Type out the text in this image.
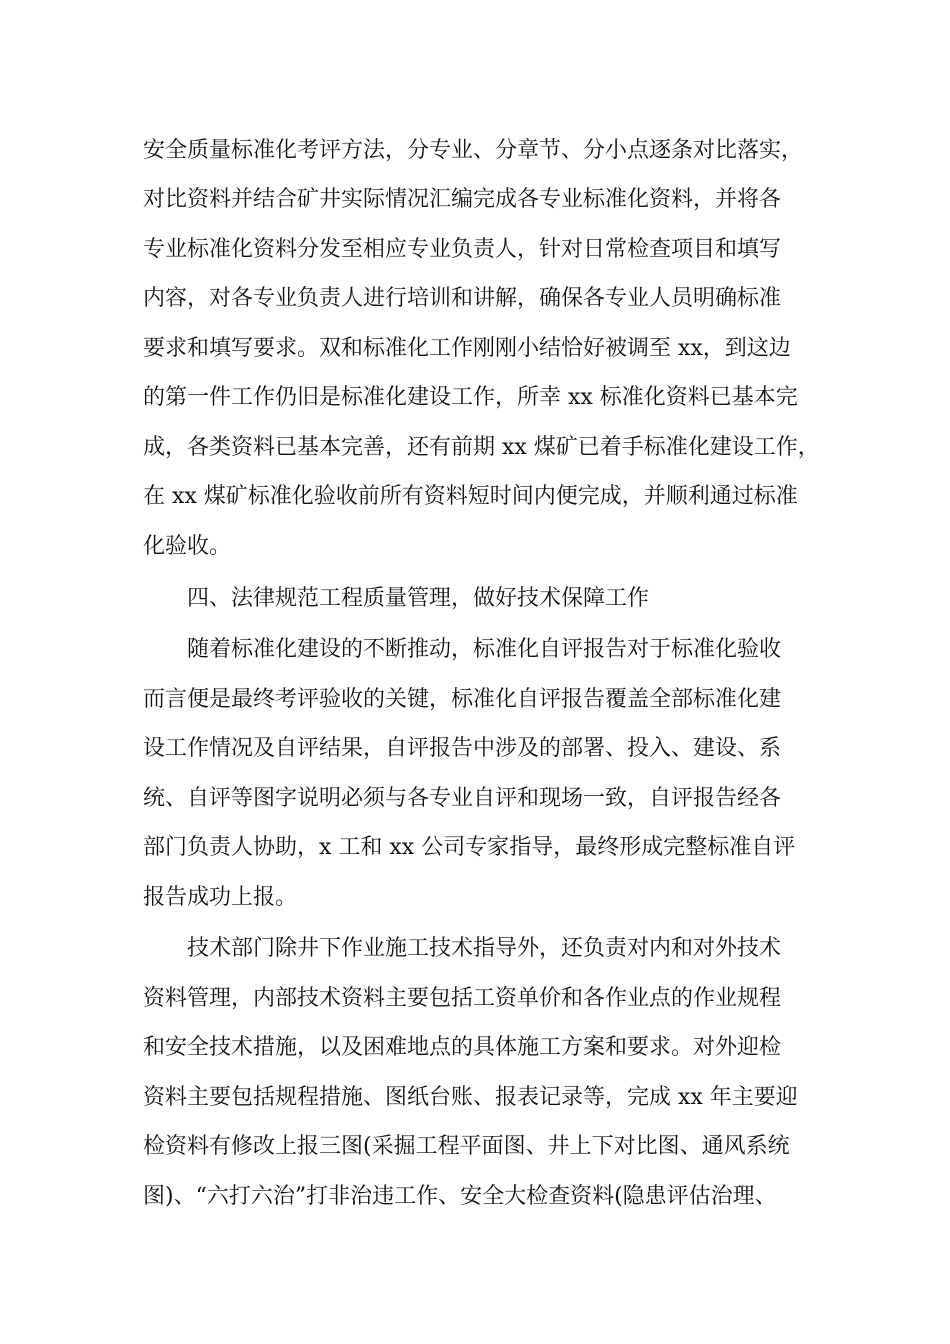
安全质量标准化考评方法，分专业、分章节、分小点逐条对比落实，
对比资料并结合矿井实际情况汇编完成各专业标准化资料，并将各
专业标准化资料分发至相应专业负责人，针对日常检查项目和填写
内容，对各专业负责人进行培训和讲解，确保各专业人员明确标准
要求和填写要求。双和标准化工作刚刚小结恰好被调至 xx，到这边
的第一件工作仍旧是标准化建设工作，所幸 xx 标准化资料已基本完
成，各类资料已基本完善，还有前期 xx 煤矿已着手标准化建设工作，
在 xx 煤矿标准化验收前所有资料短时间内便完成，并顺利通过标准
化验收。
四、法律规范工程质量管理，做好技术保障工作
随着标准化建设的不断推动，标准化自评报告对于标准化验收
而言便是最终考评验收的关键，标准化自评报告覆盖全部标准化建
设工作情况及自评结果，自评报告中涉及的部署、投入、建设、系
统、自评等图字说明必须与各专业自评和现场一致，自评报告经各
部门负责人协助，x 工和 xx 公司专家指导，最终形成完整标准自评
报告成功上报。
技术部门除井下作业施工技术指导外，还负责对内和对外技术
资料管理，内部技术资料主要包括工资单价和各作业点的作业规程
和安全技术措施，以及困难地点的具体施工方案和要求。对外迎检
资料主要包括规程措施、图纸台账、报表记录等，完成 xx 年主要迎
检资料有修改上报三图(采掘工程平面图、井上下对比图、通风系统
图)、“六打六治”打非治违工作、安全大检查资料(隐患评估治理、
